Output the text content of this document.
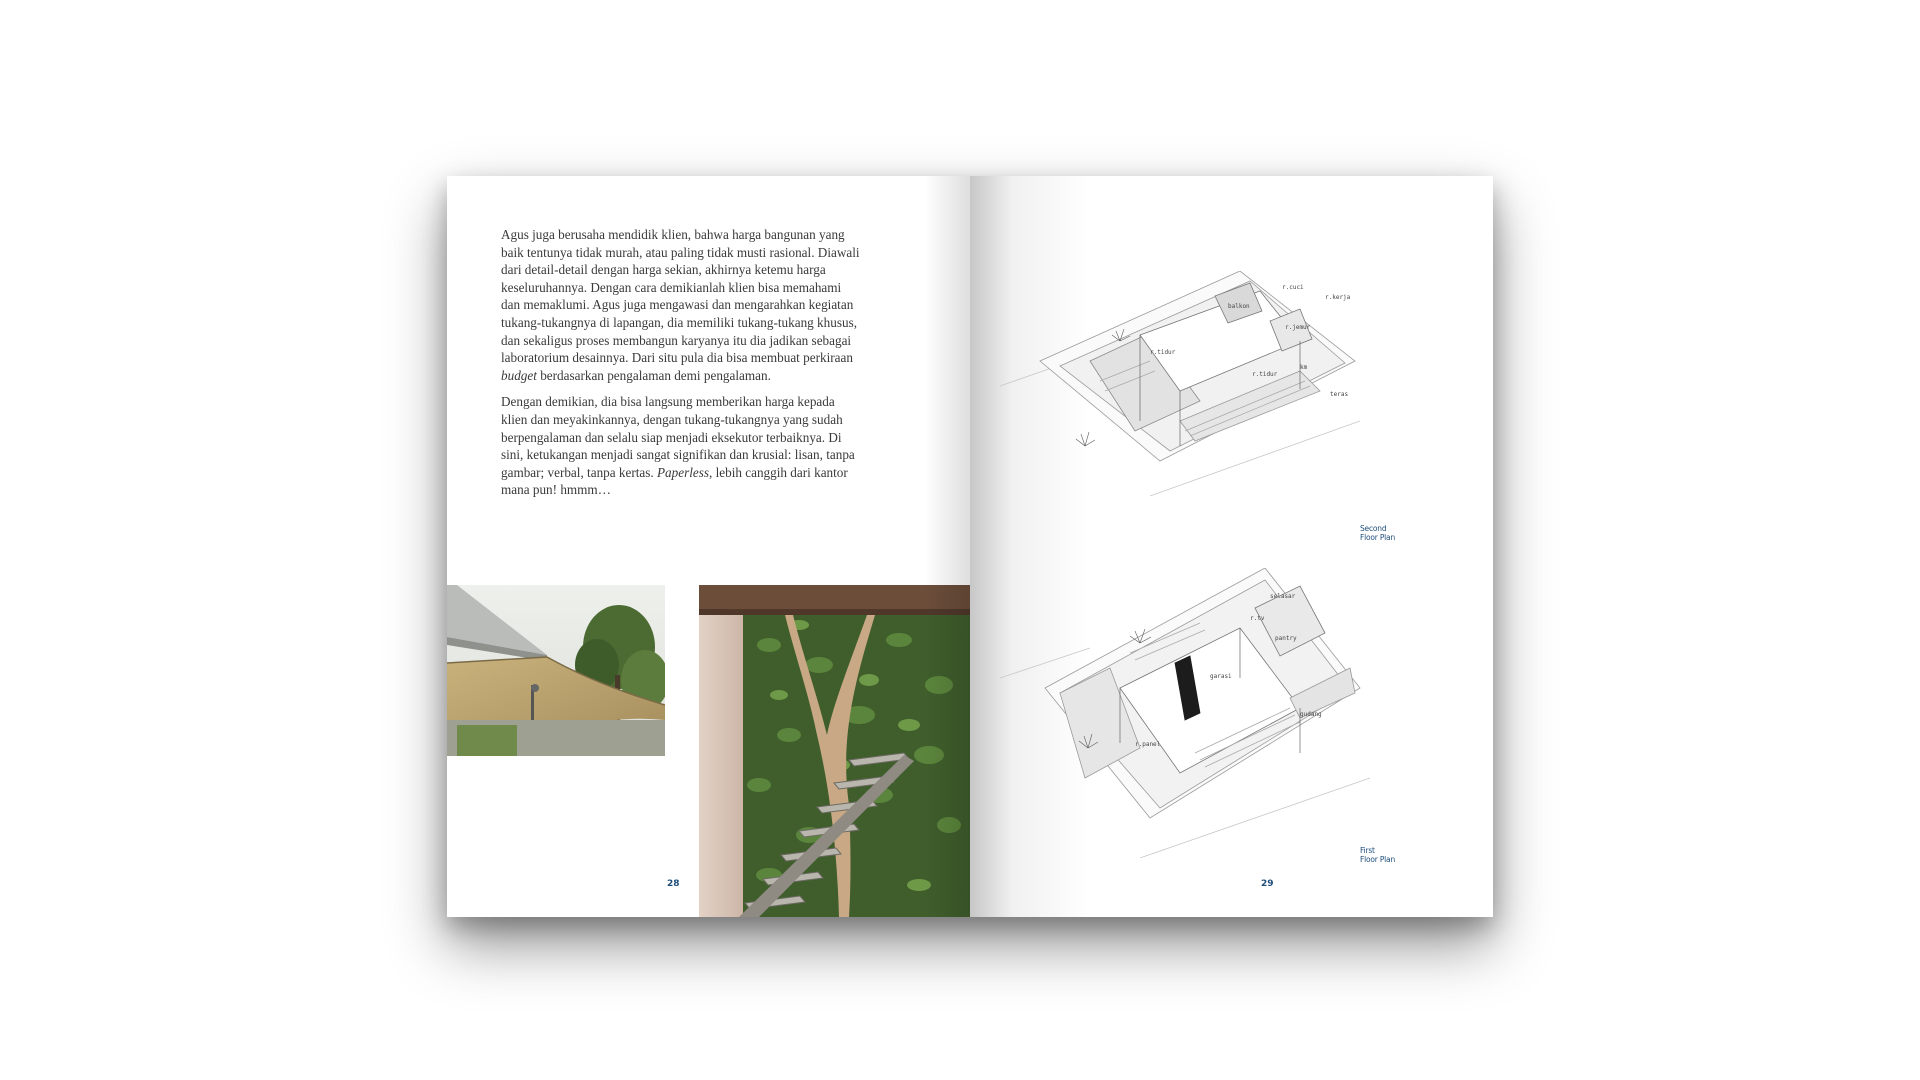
Agus juga berusaha mendidik klien, bahwa harga bangunan yang baik tentunya tidak murah, atau paling tidak musti rasional. Diawali dari detail-detail dengan harga sekian, akhirnya ketemu harga keseluruhannya. Dengan cara demikianlah klien bisa memahami dan memaklumi. Agus juga mengawasi dan mengarahkan kegiatan tukang-tukangnya di lapangan, dia memiliki tukang-tukang khusus, dan sekaligus proses membangun karyanya itu dia jadikan sebagai laboratorium desainnya. Dari situ pula dia bisa membuat perkiraan budget berdasarkan pengalaman demi pengalaman.

Dengan demikian, dia bisa langsung memberikan harga kepada klien dan meyakinkannya, dengan tukang-tukangnya yang sudah berpengalaman dan selalu siap menjadi eksekutor terbaiknya. Di sini, ketukangan menjadi sangat signifikan dan krusial: lisan, tanpa gambar; verbal, tanpa kertas. Paperless, lebih canggih dari kantor mana pun! hmmm…

28
balkon
r.tidur
r.cuci
r.jemur
r.tidur
km
r.kerja
teras
Second
Floor Plan
selasar
r.tv
pantry
garasi
gudang
r.panel
First
Floor Plan
29
